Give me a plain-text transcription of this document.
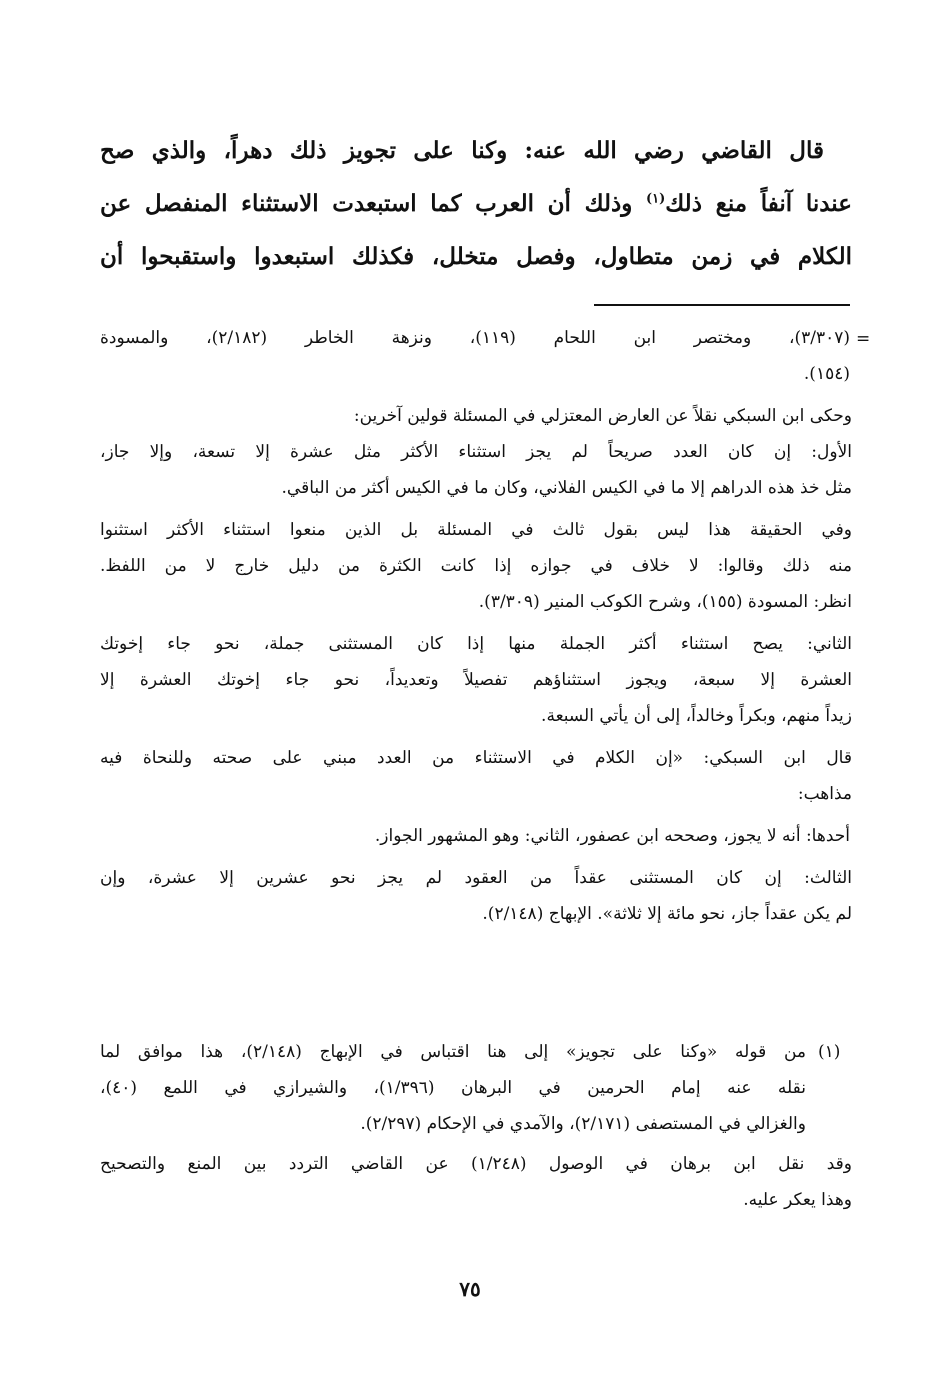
قال القاضي رضي الله عنه: وكنا على تجويز ذلك دهراً، والذي صح
عندنا آنفاً منع ذلك$^{(١)}$ وذلك أن العرب كما استبعدت الاستثناء المنفصل عن
الكلام في زمن متطاول، وفصل متخلل، فكذلك استبعدوا واستقبحوا أن
=
(٣/٣٠٧)، ومختصر ابن اللحام (١١٩)، ونزهة الخاطر (٢/١٨٢)، والمسودة
(١٥٤).
وحكى ابن السبكي نقلاً عن العارض المعتزلي في المسئلة قولين آخرين:
الأول: إن كان العدد صريحاً لم يجز استثناء الأكثر مثل عشرة إلا تسعة، وإلا جاز،
مثل خذ هذه الدراهم إلا ما في الكيس الفلاني، وكان ما في الكيس أكثر من الباقي.
وفي الحقيقة هذا ليس بقول ثالث في المسئلة بل الذين منعوا استثناء الأكثر استثنوا
منه ذلك وقالوا: لا خلاف في جوازه إذا كانت الكثرة من دليل خارج لا من اللفظ.
انظر: المسودة (١٥٥)، وشرح الكوكب المنير (٣/٣٠٩).
الثاني: يصح استثناء أكثر الجملة منها إذا كان المستثنى جملة، نحو جاء إخوتك
العشرة إلا سبعة، ويجوز استثناؤهم تفصيلاً وتعديداً، نحو جاء إخوتك العشرة إلا
زيداً منهم، وبكراً وخالداً، إلى أن يأتي السبعة.
قال ابن السبكي: «إن الكلام في الاستثناء من العدد مبني على صحته وللنحاة فيه
مذاهب:
أحدها: أنه لا يجوز، وصححه ابن عصفور، الثاني: وهو المشهور الجواز.
الثالث: إن كان المستثنى عقداً من العقود لم يجز نحو عشرين إلا عشرة، وإن
لم يكن عقداً جاز، نحو مائة إلا ثلاثة». الإبهاج (٢/١٤٨).
(١)
من قوله «وكنا على تجويز» إلى هنا اقتباس في الإبهاج (٢/١٤٨)، هذا موافق لما
نقله عنه إمام الحرمين في البرهان (١/٣٩٦)، والشيرازي في اللمع (٤٠)،
والغزالي في المستصفى (٢/١٧١)، والآمدي في الإحكام (٢/٢٩٧).
وقد نقل ابن برهان في الوصول (١/٢٤٨) عن القاضي التردد بين المنع والتصحيح
وهذا يعكر عليه.
٧٥
